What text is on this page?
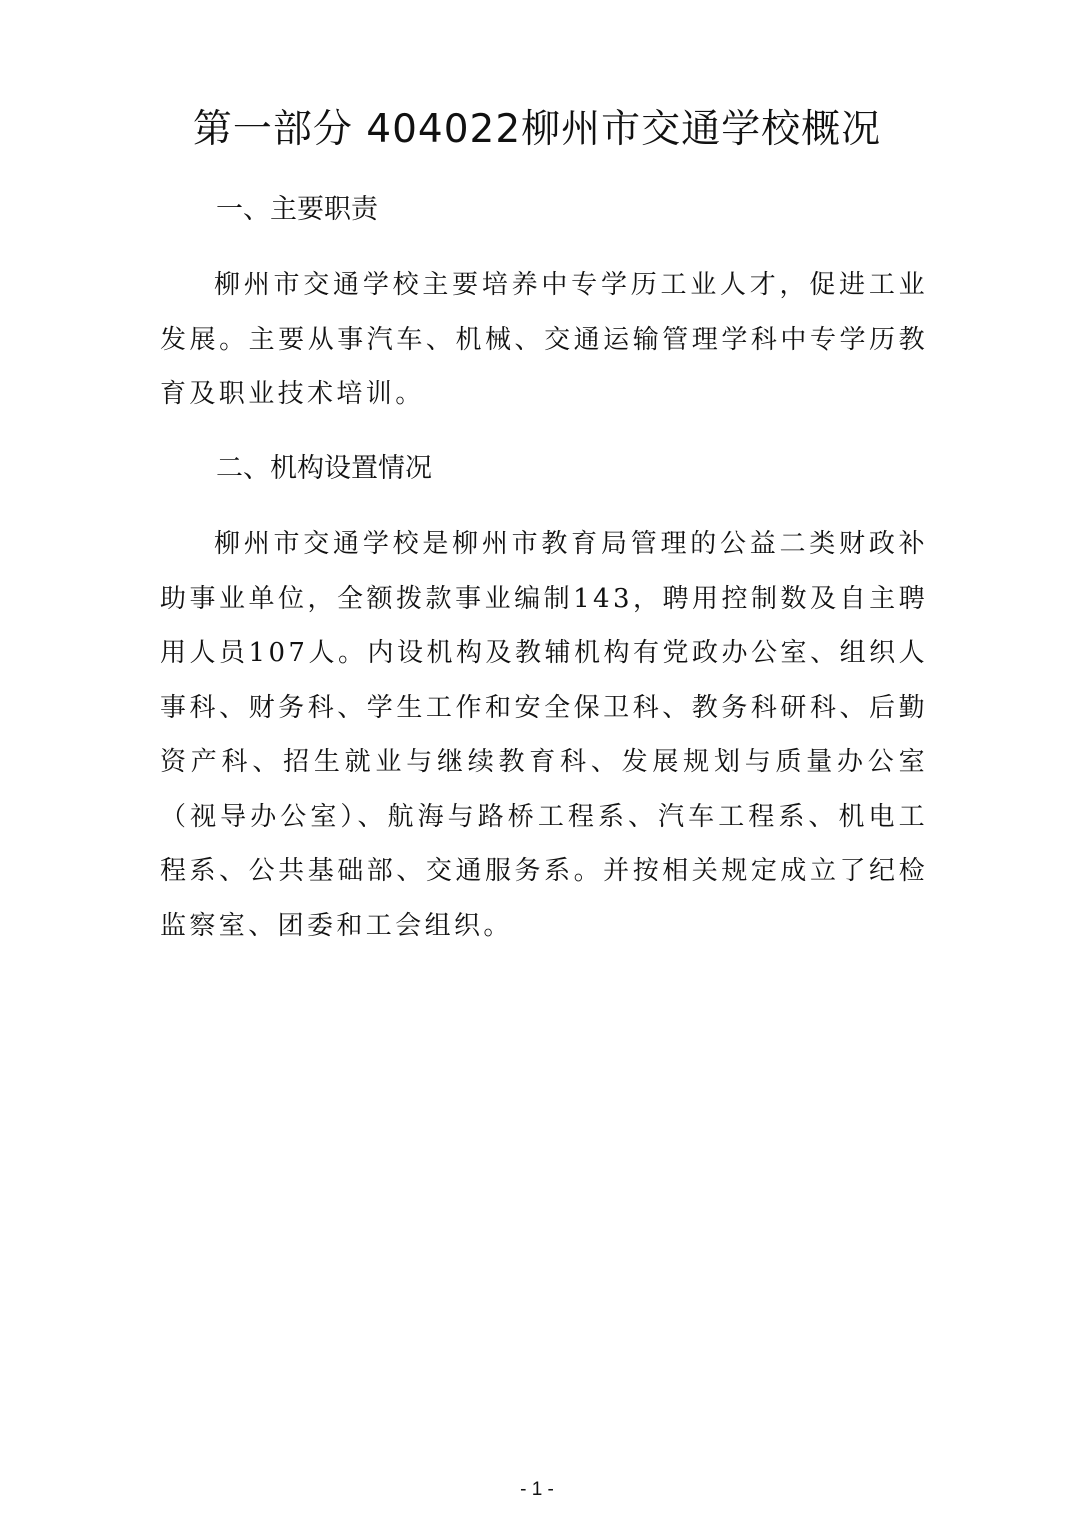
第一部分 404022柳州市交通学校概况
一、主要职责

柳州市交通学校主要培养中专学历工业人才，促进工业发展。主要从事汽车、机械、交通运输管理学科中专学历教育及职业技术培训。

二、机构设置情况

柳州市交通学校是柳州市教育局管理的公益二类财政补助事业单位，全额拨款事业编制143，聘用控制数及自主聘用人员107人。内设机构及教辅机构有党政办公室、组织人事科、财务科、学生工作和安全保卫科、教务科研科、后勤资产科、招生就业与继续教育科、发展规划与质量办公室（视导办公室）、航海与路桥工程系、汽车工程系、机电工程系、公共基础部、交通服务系。并按相关规定成立了纪检监察室、团委和工会组织。

- 1 -
